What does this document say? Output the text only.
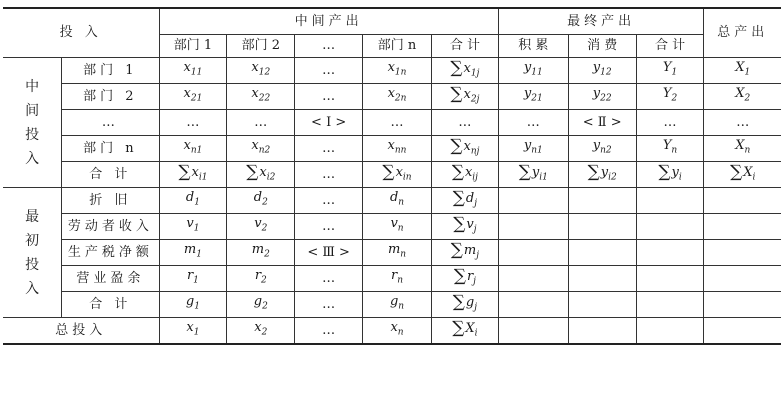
投 入		中间产出					最终产出			总产出
		部门 1	部门 2	…	部门 n	合 计	积 累	消 费	合 计	
中
间
投
入	部门 1	$x_{11}$	$x_{12}$	…	$x_{1n}$	$\sum x_{1j}$	$y_{11}$	$y_{12}$	$Y_1$	$X_1$
	部门 2	$x_{21}$	$x_{22}$	…	$x_{2n}$	$\sum x_{2j}$	$y_{21}$	$y_{22}$	$Y_2$	$X_2$
	…	…	…	< Ⅰ >	…	…	…	< Ⅱ >	…	…
	部门 n	$x_{n1}$	$x_{n2}$	…	$x_{nn}$	$\sum x_{nj}$	$y_{n1}$	$y_{n2}$	$Y_n$	$X_n$
	合 计	$\sum x_{i1}$	$\sum x_{i2}$	…	$\sum x_{in}$	$\sum x_{ij}$	$\sum y_{i1}$	$\sum y_{i2}$	$\sum y_i$	$\sum X_i$
最
初
投
入	折 旧	$d_1$	$d_2$	…	$d_n$	$\sum d_j$				
	劳动者收入	$v_1$	$v_2$	…	$v_n$	$\sum v_j$				
	生产税净额	$m_1$	$m_2$	< Ⅲ >	$m_n$	$\sum m_j$				
	营业盈余	$r_1$	$r_2$	…	$r_n$	$\sum r_j$				
	合 计	$g_1$	$g_2$	…	$g_n$	$\sum g_j$				
总投入		$x_1$	$x_2$	…	$x_n$	$\sum X_i$				
